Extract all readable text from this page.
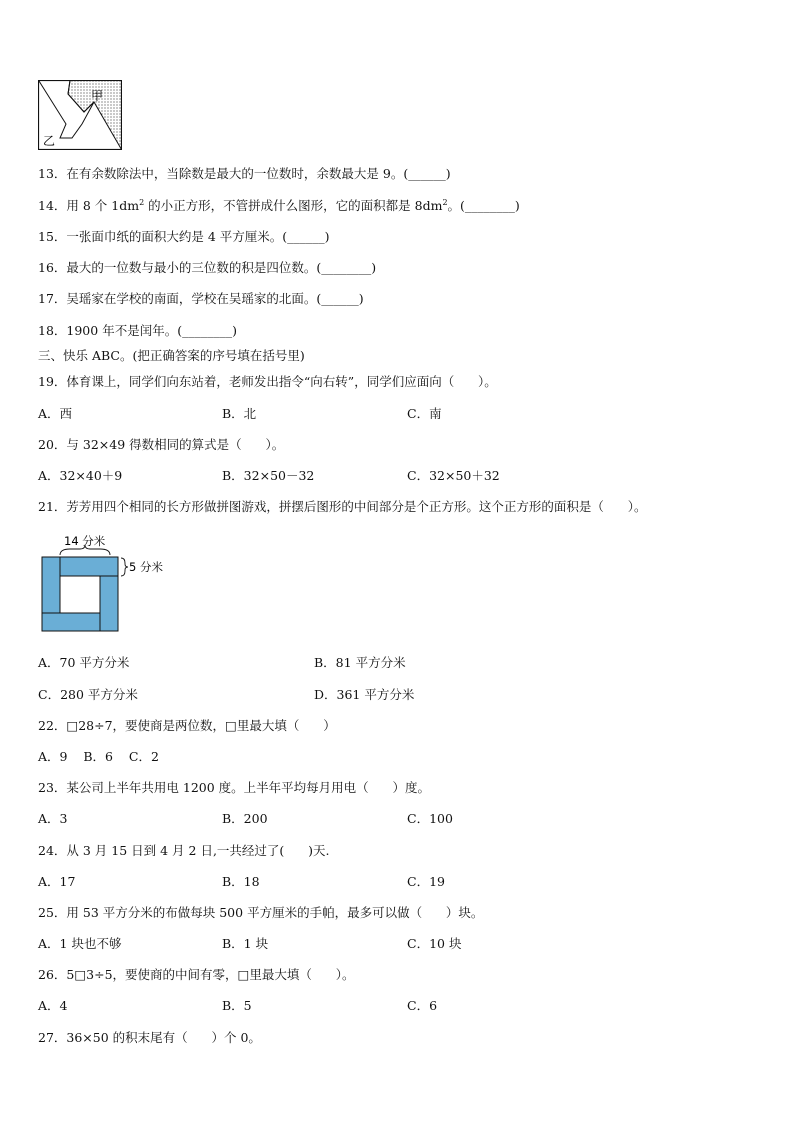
甲
乙
13．在有余数除法中，当除数是最大的一位数时，余数最大是 9。(______)
14．用 8 个 $1dm^2$ 的小正方形，不管拼成什么图形，它的面积都是 $8dm^2$。(________)
15．一张面巾纸的面积大约是 4 平方厘米。(______)
16．最大的一位数与最小的三位数的积是四位数。(________)
17．吴瑶家在学校的南面，学校在吴瑶家的北面。(______)
18．1900 年不是闰年。(________)
三、快乐 ABC。(把正确答案的序号填在括号里)
19．体育课上，同学们向东站着，老师发出指令“向右转”，同学们应面向（      ）。
A．西	B．北	C．南
20．与 32×49 得数相同的算式是（      ）。
A．32×40＋9	B．32×50－32	C．32×50＋32
21．芳芳用四个相同的长方形做拼图游戏，拼摆后图形的中间部分是个正方形。这个正方形的面积是（      ）。
14 分米
5 分米
A．70 平方分米	B．81 平方分米
C．280 平方分米	D．361 平方分米
22．□28÷7，要使商是两位数，□里最大填（      ）
A．9    B．6    C．2
23．某公司上半年共用电 1200 度。上半年平均每月用电（      ）度。
A．3	B．200	C．100
24．从 3 月 15 日到 4 月 2 日,一共经过了(      )天.
A．17	B．18	C．19
25．用 53 平方分米的布做每块 500 平方厘米的手帕，最多可以做（      ）块。
A．1 块也不够	B．1 块	C．10 块
26．5□3÷5，要使商的中间有零，□里最大填（      ）。
A．4	B．5	C．6
27．36×50 的积末尾有（      ）个 0。
